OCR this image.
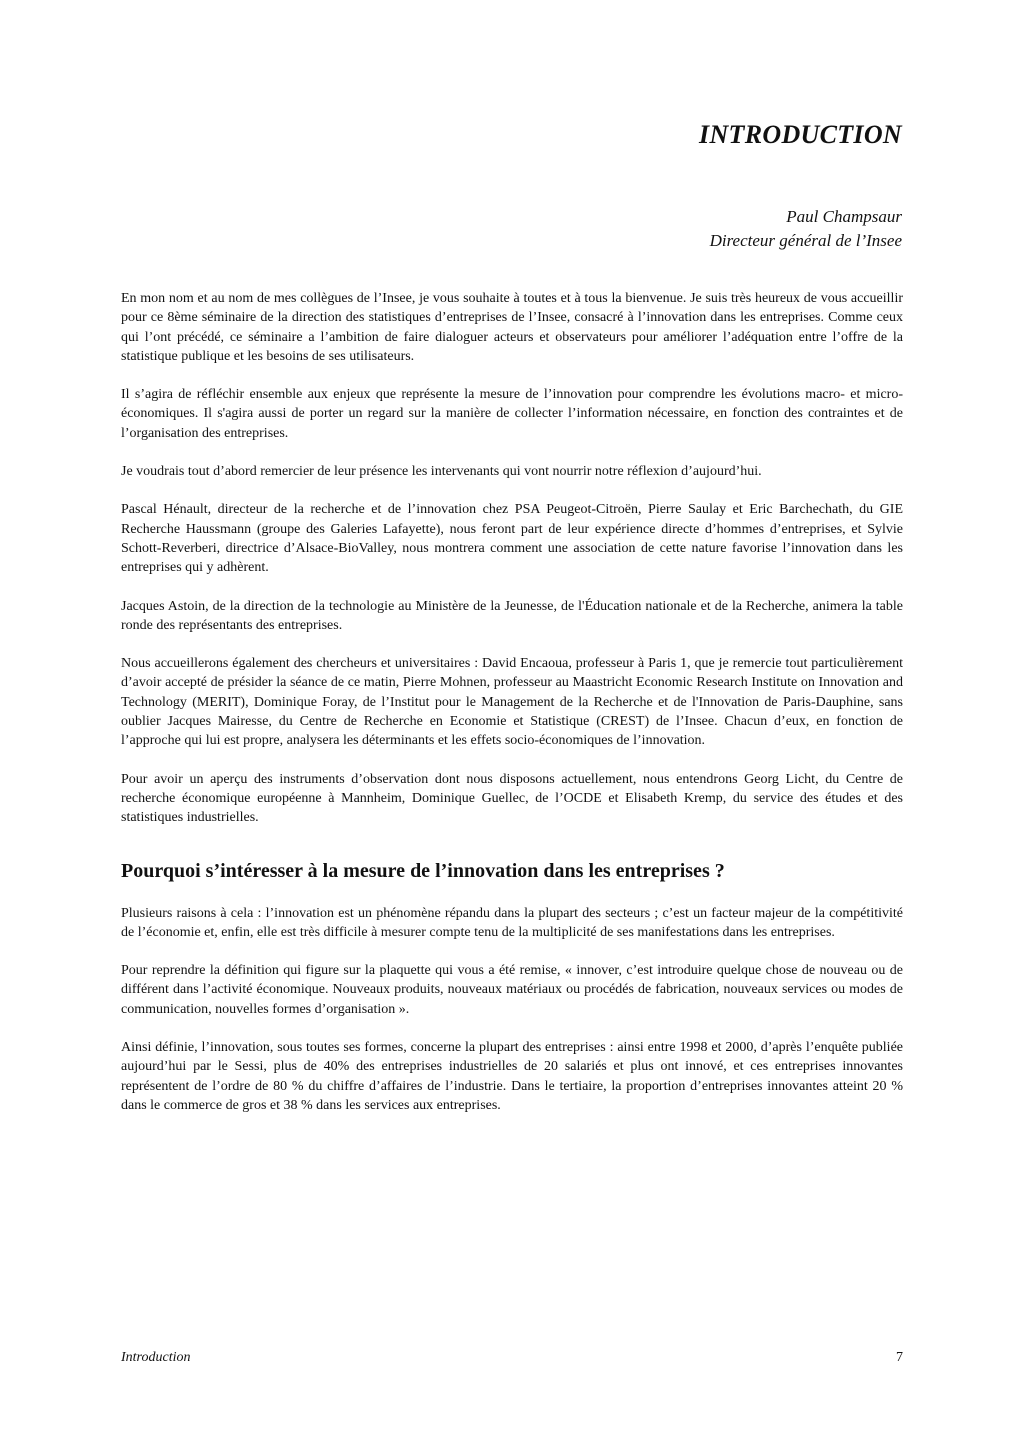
INTRODUCTION
Paul Champsaur
Directeur général de l’Insee

En mon nom et au nom de mes collègues de l’Insee, je vous souhaite à toutes et à tous la bienvenue. Je suis très heureux de vous accueillir pour ce 8ème séminaire de la direction des statistiques d’entreprises de l’Insee, consacré à l’innovation dans les entreprises. Comme ceux qui l’ont précédé, ce séminaire a l’ambition de faire dialoguer acteurs et observateurs pour améliorer l’adéquation entre l’offre de la statistique publique et les besoins de ses utilisateurs.

Il s’agira de réfléchir ensemble aux enjeux que représente la mesure de l’innovation pour comprendre les évolutions macro- et micro-économiques. Il s'agira aussi de porter un regard sur la manière de collecter l’information nécessaire, en fonction des contraintes et de l’organisation des entreprises.

Je voudrais tout d’abord remercier de leur présence les intervenants qui vont nourrir notre réflexion d’aujourd’hui.

Pascal Hénault, directeur de la recherche et de l’innovation chez PSA Peugeot-Citroën, Pierre Saulay et Eric Barchechath, du GIE Recherche Haussmann (groupe des Galeries Lafayette), nous feront part de leur expérience directe d’hommes d’entreprises, et Sylvie Schott-Reverberi, directrice d’Alsace-BioValley, nous montrera comment une association de cette nature favorise l’innovation dans les entreprises qui y adhèrent.

Jacques Astoin, de la direction de la technologie au Ministère de la Jeunesse, de l'Éducation nationale et de la Recherche, animera la table ronde des représentants des entreprises.

Nous accueillerons également des chercheurs et universitaires : David Encaoua, professeur à Paris 1, que je remercie tout particulièrement d’avoir accepté de présider la séance de ce matin, Pierre Mohnen, professeur au Maastricht Economic Research Institute on Innovation and Technology (MERIT), Dominique Foray, de l’Institut pour le Management de la Recherche et de l'Innovation de Paris-Dauphine, sans oublier Jacques Mairesse, du Centre de Recherche en Economie et Statistique (CREST) de l’Insee. Chacun d’eux, en fonction de l’approche qui lui est propre, analysera les déterminants et les effets socio-économiques de l’innovation.

Pour avoir un aperçu des instruments d’observation dont nous disposons actuellement, nous entendrons Georg Licht, du Centre de recherche économique européenne à Mannheim, Dominique Guellec, de l’OCDE et Elisabeth Kremp, du service des études et des statistiques industrielles.

Pourquoi s’intéresser à la mesure de l’innovation dans les entreprises ?

Plusieurs raisons à cela : l’innovation est un phénomène répandu dans la plupart des secteurs ; c’est un facteur majeur de la compétitivité de l’économie et, enfin, elle est très difficile à mesurer compte tenu de la multiplicité de ses manifestations dans les entreprises.

Pour reprendre la définition qui figure sur la plaquette qui vous a été remise, « innover, c’est introduire quelque chose de nouveau ou de différent dans l’activité économique. Nouveaux produits, nouveaux matériaux ou procédés de fabrication, nouveaux services ou modes de communication, nouvelles formes d’organisation ».

Ainsi définie, l’innovation, sous toutes ses formes, concerne la plupart des entreprises : ainsi entre 1998 et 2000, d’après l’enquête publiée aujourd’hui par le Sessi, plus de 40% des entreprises industrielles de 20 salariés et plus ont innové, et ces entreprises innovantes représentent de l’ordre de 80 % du chiffre d’affaires de l’industrie. Dans le tertiaire, la proportion d’entreprises innovantes atteint 20 % dans le commerce de gros et 38 % dans les services aux entreprises.

Introduction	7
